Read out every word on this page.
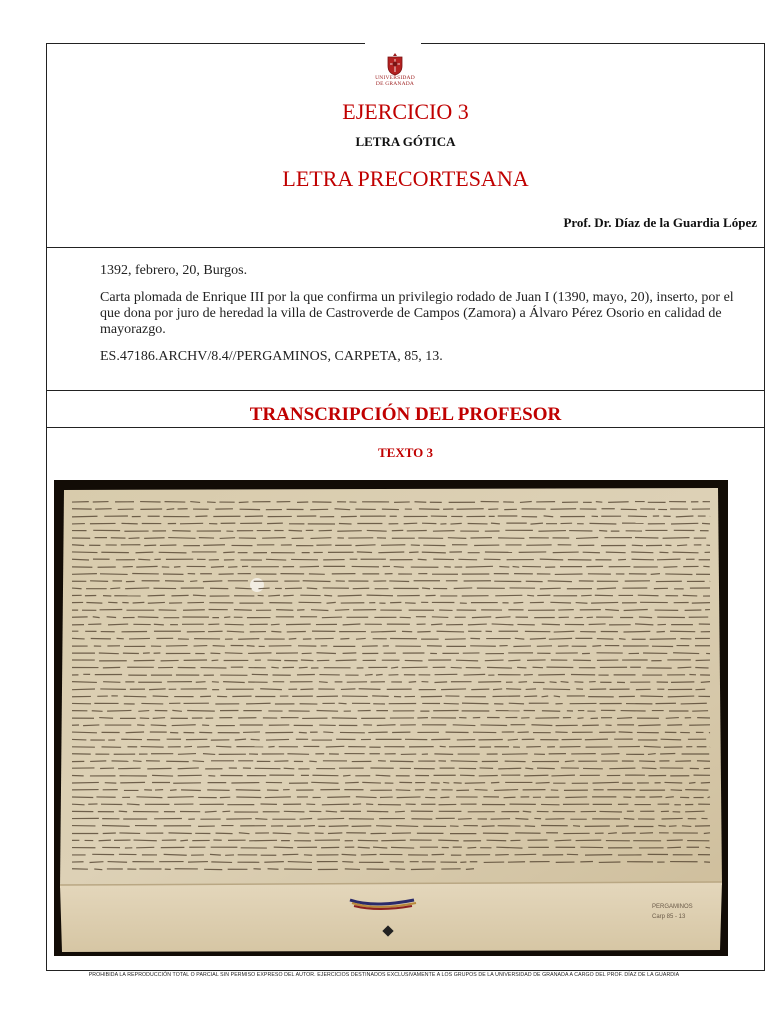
UNIVERSIDAD
DE GRANADA
EJERCICIO 3
LETRA GÓTICA
LETRA PRECORTESANA
Prof. Dr. Díaz de la Guardia López

1392, febrero, 20, Burgos.

Carta plomada de Enrique III por la que confirma un privilegio rodado de Juan I (1390, mayo, 20), inserto, por el que dona por juro de heredad la villa de Castroverde de Campos (Zamora) a Álvaro Pérez Osorio en calidad de mayorazgo.

ES.47186.ARCHV/8.4//PERGAMINOS, CARPETA, 85, 13.

TRANSCRIPCIÓN DEL PROFESOR
TEXTO 3
PERGAMINOS
Carp 85 - 13
PROHIBIDA LA REPRODUCCIÓN TOTAL O PARCIAL SIN PERMISO EXPRESO DEL AUTOR. EJERCICIOS DESTINADOS EXCLUSIVAMENTE A LOS GRUPOS DE LA UNIVERSIDAD DE GRANADA A CARGO DEL PROF. DÍAZ DE LA GUARDIA
